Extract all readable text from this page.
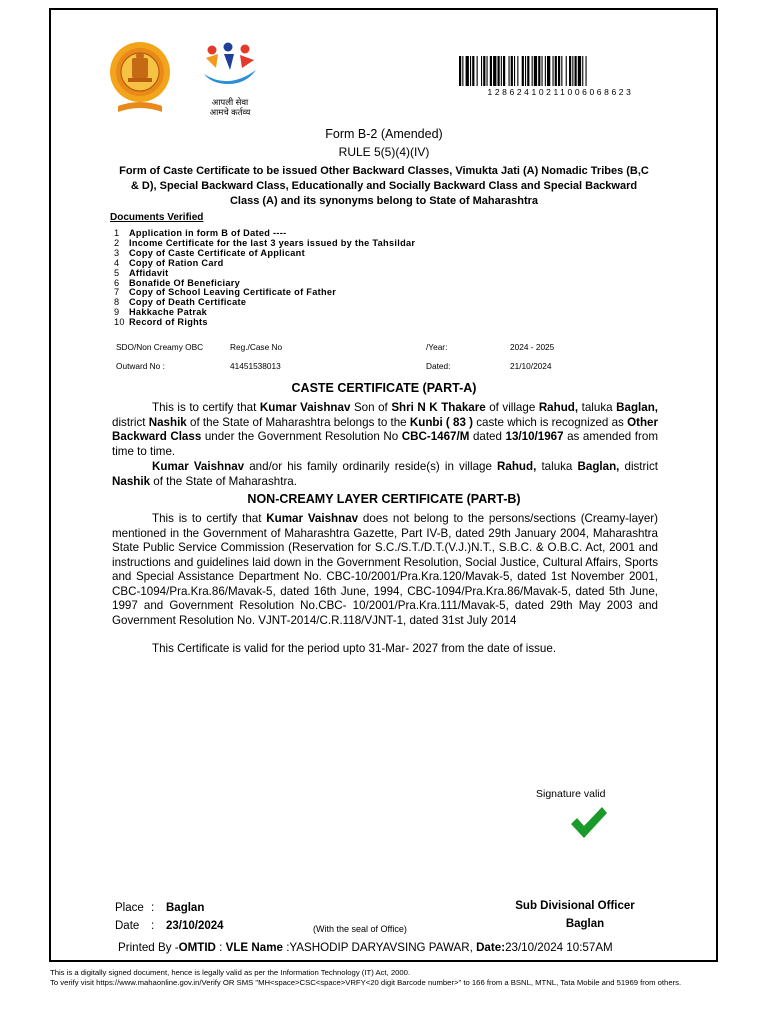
आपली सेवा
आमचे कर्तव्य
12862410211006068623
Form B-2 (Amended)
RULE 5(5)(4)(IV)
Form of Caste Certificate to be issued Other Backward Classes, Vimukta Jati (A) Nomadic Tribes (B,C & D), Special Backward Class, Educationally and Socially Backward Class and Special Backward Class (A) and its synonyms belong to State of Maharashtra
Documents Verified
1 Application in form B of Dated ----
2 Income Certificate for the last 3 years issued by the Tahsildar
3 Copy of Caste Certificate of Applicant
4 Copy of Ration Card
5 Affidavit
6 Bonafide Of Beneficiary
7 Copy of School Leaving Certificate of Father
8 Copy of Death Certificate
9 Hakkache Patrak
10 Record of Rights
SDO/Non Creamy OBC	Reg./Case No	/Year:	2024 - 2025
Outward No :	41451538013	Dated:	21/10/2024
CASTE CERTIFICATE (PART-A)
This is to certify that Kumar Vaishnav Son of Shri N K Thakare of village Rahud, taluka Baglan, district Nashik of the State of Maharashtra belongs to the Kunbi ( 83 ) caste which is recognized as Other Backward Class under the Government Resolution No CBC-1467/M dated 13/10/1967 as amended from time to time.
Kumar Vaishnav and/or his family ordinarily reside(s) in village Rahud, taluka Baglan, district Nashik of the State of Maharashtra.
NON-CREAMY LAYER CERTIFICATE (PART-B)
This is to certify that Kumar Vaishnav does not belong to the persons/sections (Creamy-layer) mentioned in the Government of Maharashtra Gazette, Part IV-B, dated 29th January 2004, Maharashtra State Public Service Commission (Reservation for S.C./S.T./D.T.(V.J.)N.T., S.B.C. & O.B.C. Act, 2001 and instructions and guidelines laid down in the Government Resolution, Social Justice, Cultural Affairs, Sports and Special Assistance Department No. CBC-10/2001/Pra.Kra.120/Mavak-5, dated 1st November 2001, CBC-1094/Pra.Kra.86/Mavak-5, dated 16th June, 1994, CBC-1094/Pra.Kra.86/Mavak-5, dated 5th June, 1997 and Government Resolution No.CBC- 10/2001/Pra.Kra.111/Mavak-5, dated 29th May 2003 and Government Resolution No. VJNT-2014/C.R.118/VJNT-1, dated 31st July 2014
This Certificate is valid for the period upto 31-Mar- 2027 from the date of issue.
Signature valid
Place : Baglan
Date : 23/10/2024	(With the seal of Office)
Sub Divisional Officer
Baglan
Printed By -OMTID : VLE Name :YASHODIP DARYAVSING PAWAR, Date:23/10/2024 10:57AM
This is a digitally signed document, hence is legally valid as per the Information Technology (IT) Act, 2000.
To verify visit https://www.mahaonline.gov.in/Verify OR SMS "MH<space>CSC<space>VRFY<20 digit Barcode number>" to 166 from a BSNL, MTNL, Tata Mobile and 51969 from others.
